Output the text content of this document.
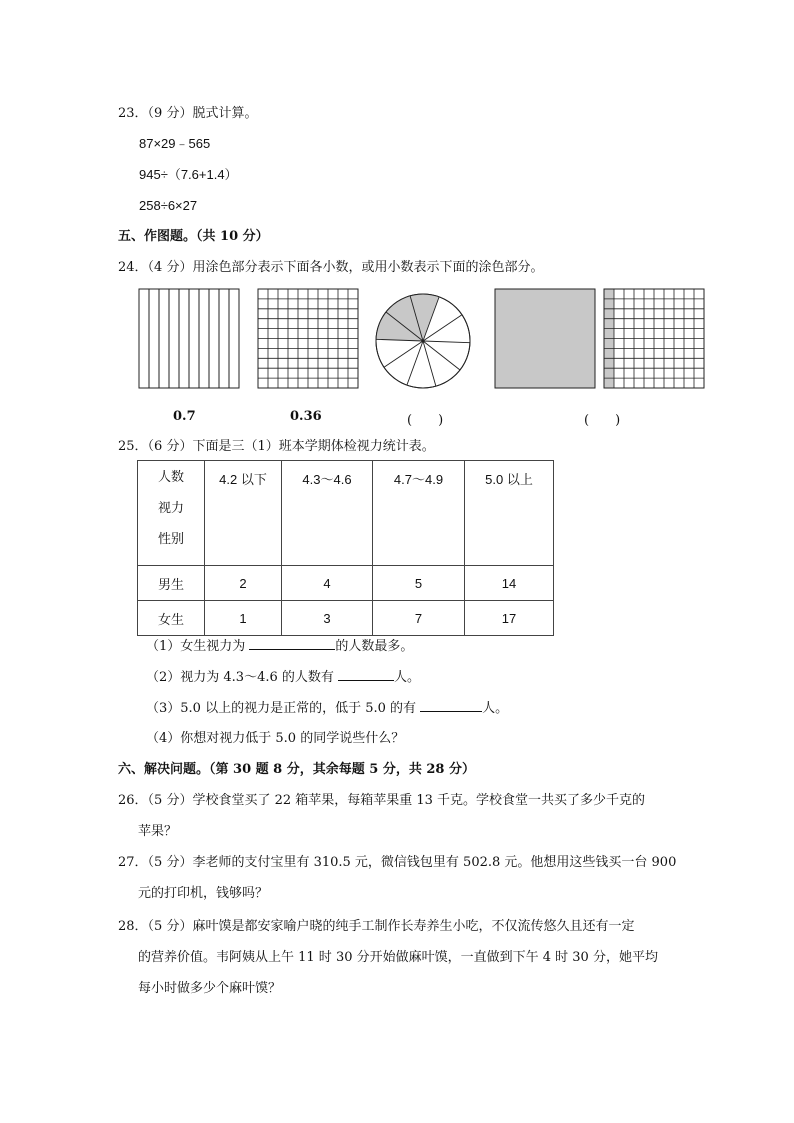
23．（9 分）脱式计算。
87×29﹣565
945÷（7.6+1.4）
258÷6×27
五、作图题。（共 10 分）
24．（4 分）用涂色部分表示下面各小数，或用小数表示下面的涂色部分。
0.7	0.36	(　　)	(　　)
25．（6 分）下面是三（1）班本学期体检视力统计表。
人数
视力
性别	4.2 以下	4.3～4.6	4.7～4.9	5.0 以上
男生	2	4	5	14
女生	1	3	7	17
（1）女生视力为	的人数最多。
（2）视力为 4.3～4.6 的人数有	人。
（3）5.0 以上的视力是正常的，低于 5.0 的有	人。
（4）你想对视力低于 5.0 的同学说些什么？
六、解决问题。（第 30 题 8 分，其余每题 5 分，共 28 分）
26．（5 分）学校食堂买了 22 箱苹果，每箱苹果重 13 千克。学校食堂一共买了多少千克的
苹果？
27．（5 分）李老师的支付宝里有 310.5 元，微信钱包里有 502.8 元。他想用这些钱买一台 900
元的打印机，钱够吗？
28．（5 分）麻叶馍是都安家喻户晓的纯手工制作长寿养生小吃，不仅流传悠久且还有一定
的营养价值。韦阿姨从上午 11 时 30 分开始做麻叶馍，一直做到下午 4 时 30 分，她平均
每小时做多少个麻叶馍？
